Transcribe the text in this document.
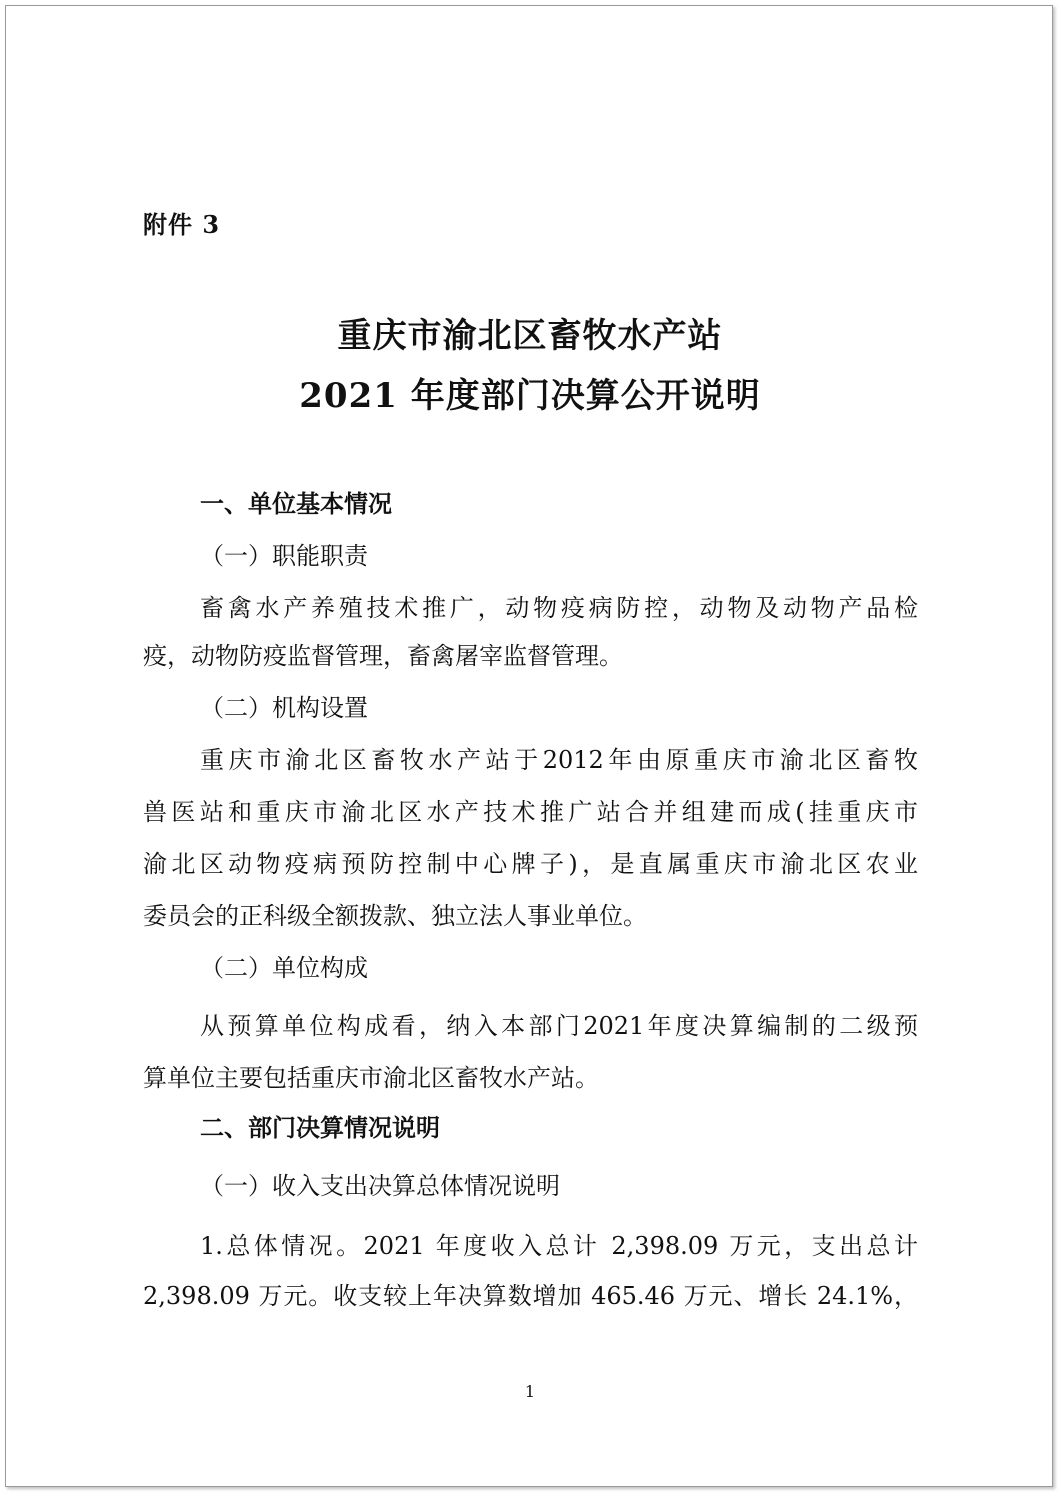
附件 3
重庆市渝北区畜牧水产站
2021 年度部门决算公开说明
一、单位基本情况
（一）职能职责
畜禽水产养殖技术推广，动物疫病防控，动物及动物产品检
疫，动物防疫监督管理，畜禽屠宰监督管理。
（二）机构设置
重庆市渝北区畜牧水产站于2012年由原重庆市渝北区畜牧
兽医站和重庆市渝北区水产技术推广站合并组建而成(挂重庆市
渝北区动物疫病预防控制中心牌子)，是直属重庆市渝北区农业
委员会的正科级全额拨款、独立法人事业单位。
（二）单位构成
从预算单位构成看，纳入本部门2021年度决算编制的二级预
算单位主要包括重庆市渝北区畜牧水产站。
二、部门决算情况说明
（一）收入支出决算总体情况说明
1.总体情况。2021 年度收入总计 2,398.09 万元，支出总计
2,398.09 万元。收支较上年决算数增加 465.46 万元、增长 24.1%，
1
